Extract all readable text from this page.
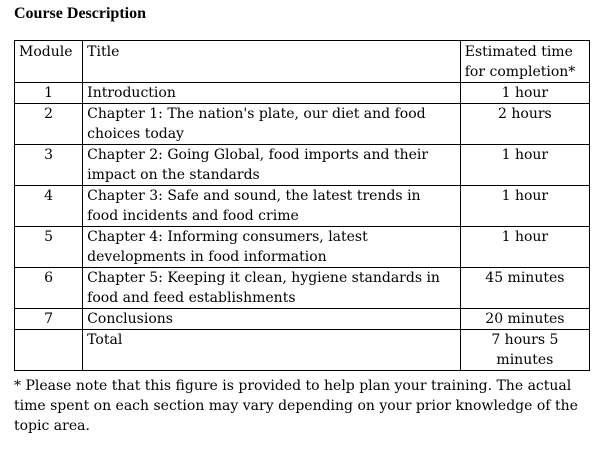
Course Description
Module	Title	Estimated time for completion*
1	Introduction	1 hour
2	Chapter 1: The nation's plate, our diet and food choices today	2 hours
3	Chapter 2: Going Global, food imports and their impact on the standards	1 hour
4	Chapter 3: Safe and sound, the latest trends in food incidents and food crime	1 hour
5	Chapter 4: Informing consumers, latest developments in food information	1 hour
6	Chapter 5: Keeping it clean, hygiene standards in food and feed establishments	45 minutes
7	Conclusions	20 minutes
	Total	7 hours 5 minutes
* Please note that this figure is provided to help plan your training. The actual time spent on each section may vary depending on your prior knowledge of the topic area.
